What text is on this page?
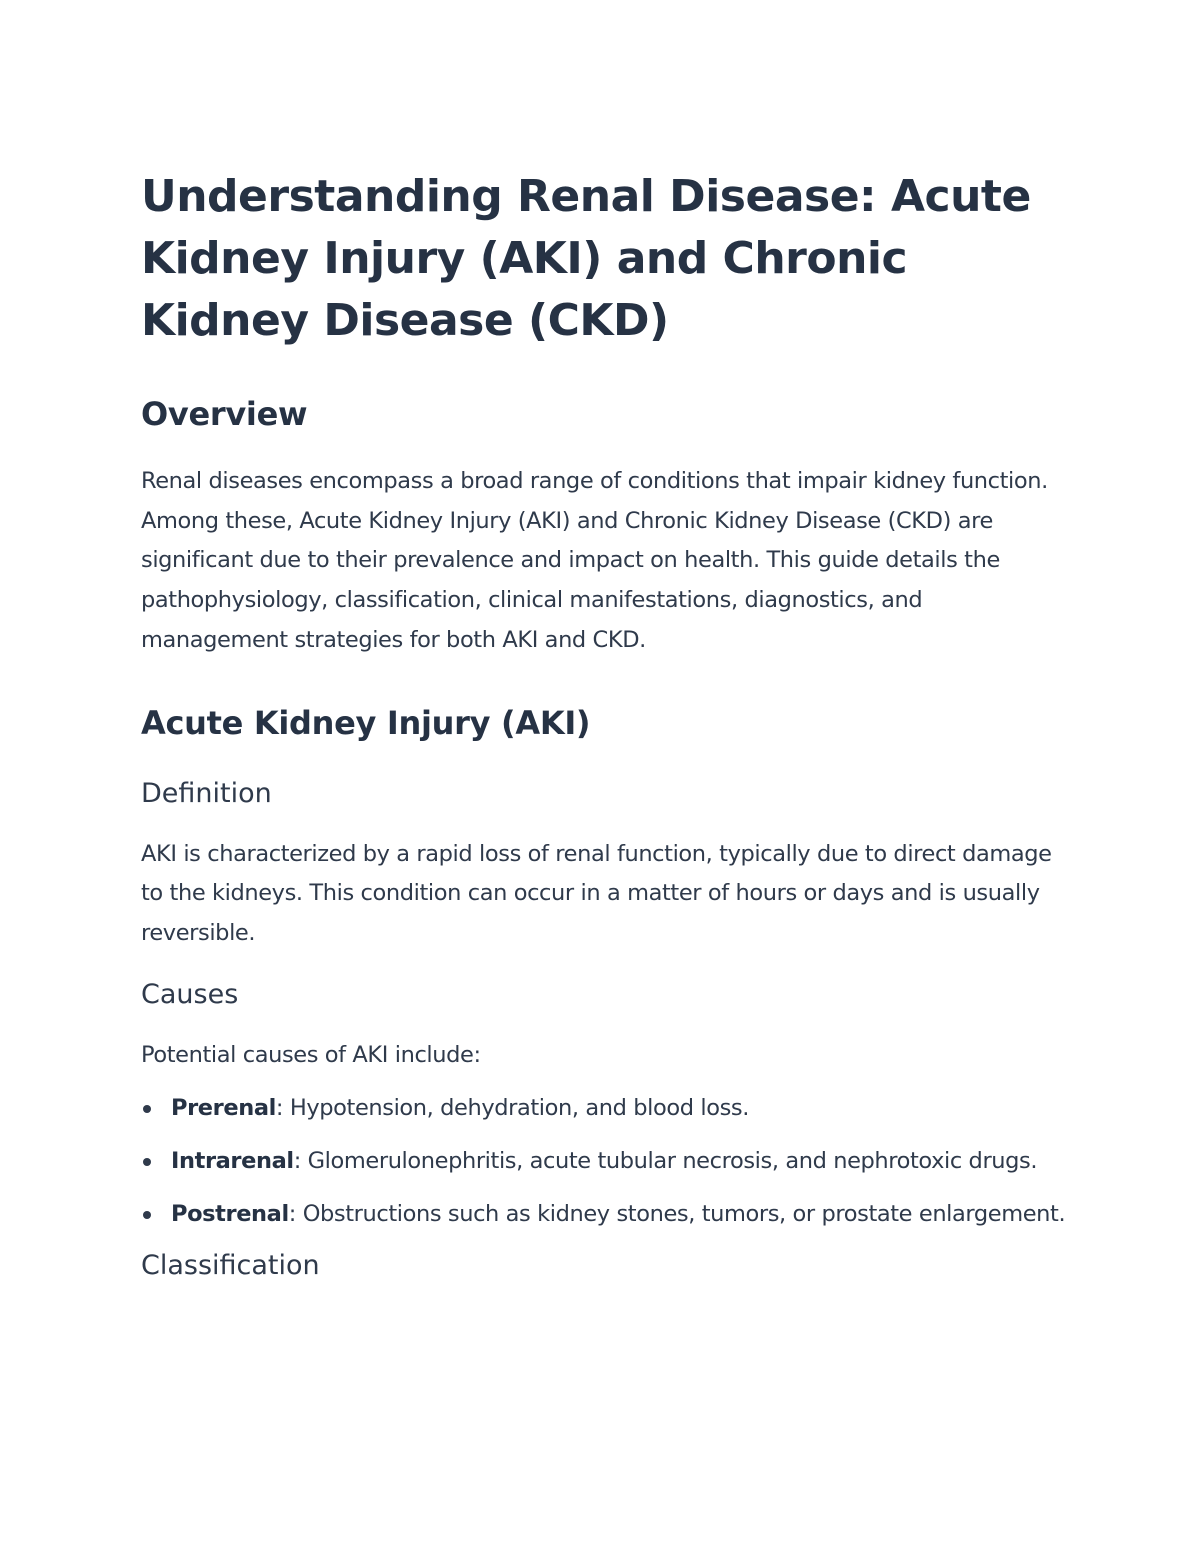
Understanding Renal Disease: Acute Kidney Injury (AKI) and Chronic Kidney Disease (CKD)
Overview

Renal diseases encompass a broad range of conditions that impair kidney function. Among these, Acute Kidney Injury (AKI) and Chronic Kidney Disease (CKD) are significant due to their prevalence and impact on health. This guide details the pathophysiology, classification, clinical manifestations, diagnostics, and management strategies for both AKI and CKD.

Acute Kidney Injury (AKI)
Definition

AKI is characterized by a rapid loss of renal function, typically due to direct damage to the kidneys. This condition can occur in a matter of hours or days and is usually reversible.

Causes

Potential causes of AKI include:

Prerenal: Hypotension, dehydration, and blood loss.
Intrarenal: Glomerulonephritis, acute tubular necrosis, and nephrotoxic drugs.
Postrenal: Obstructions such as kidney stones, tumors, or prostate enlargement.
Classification
